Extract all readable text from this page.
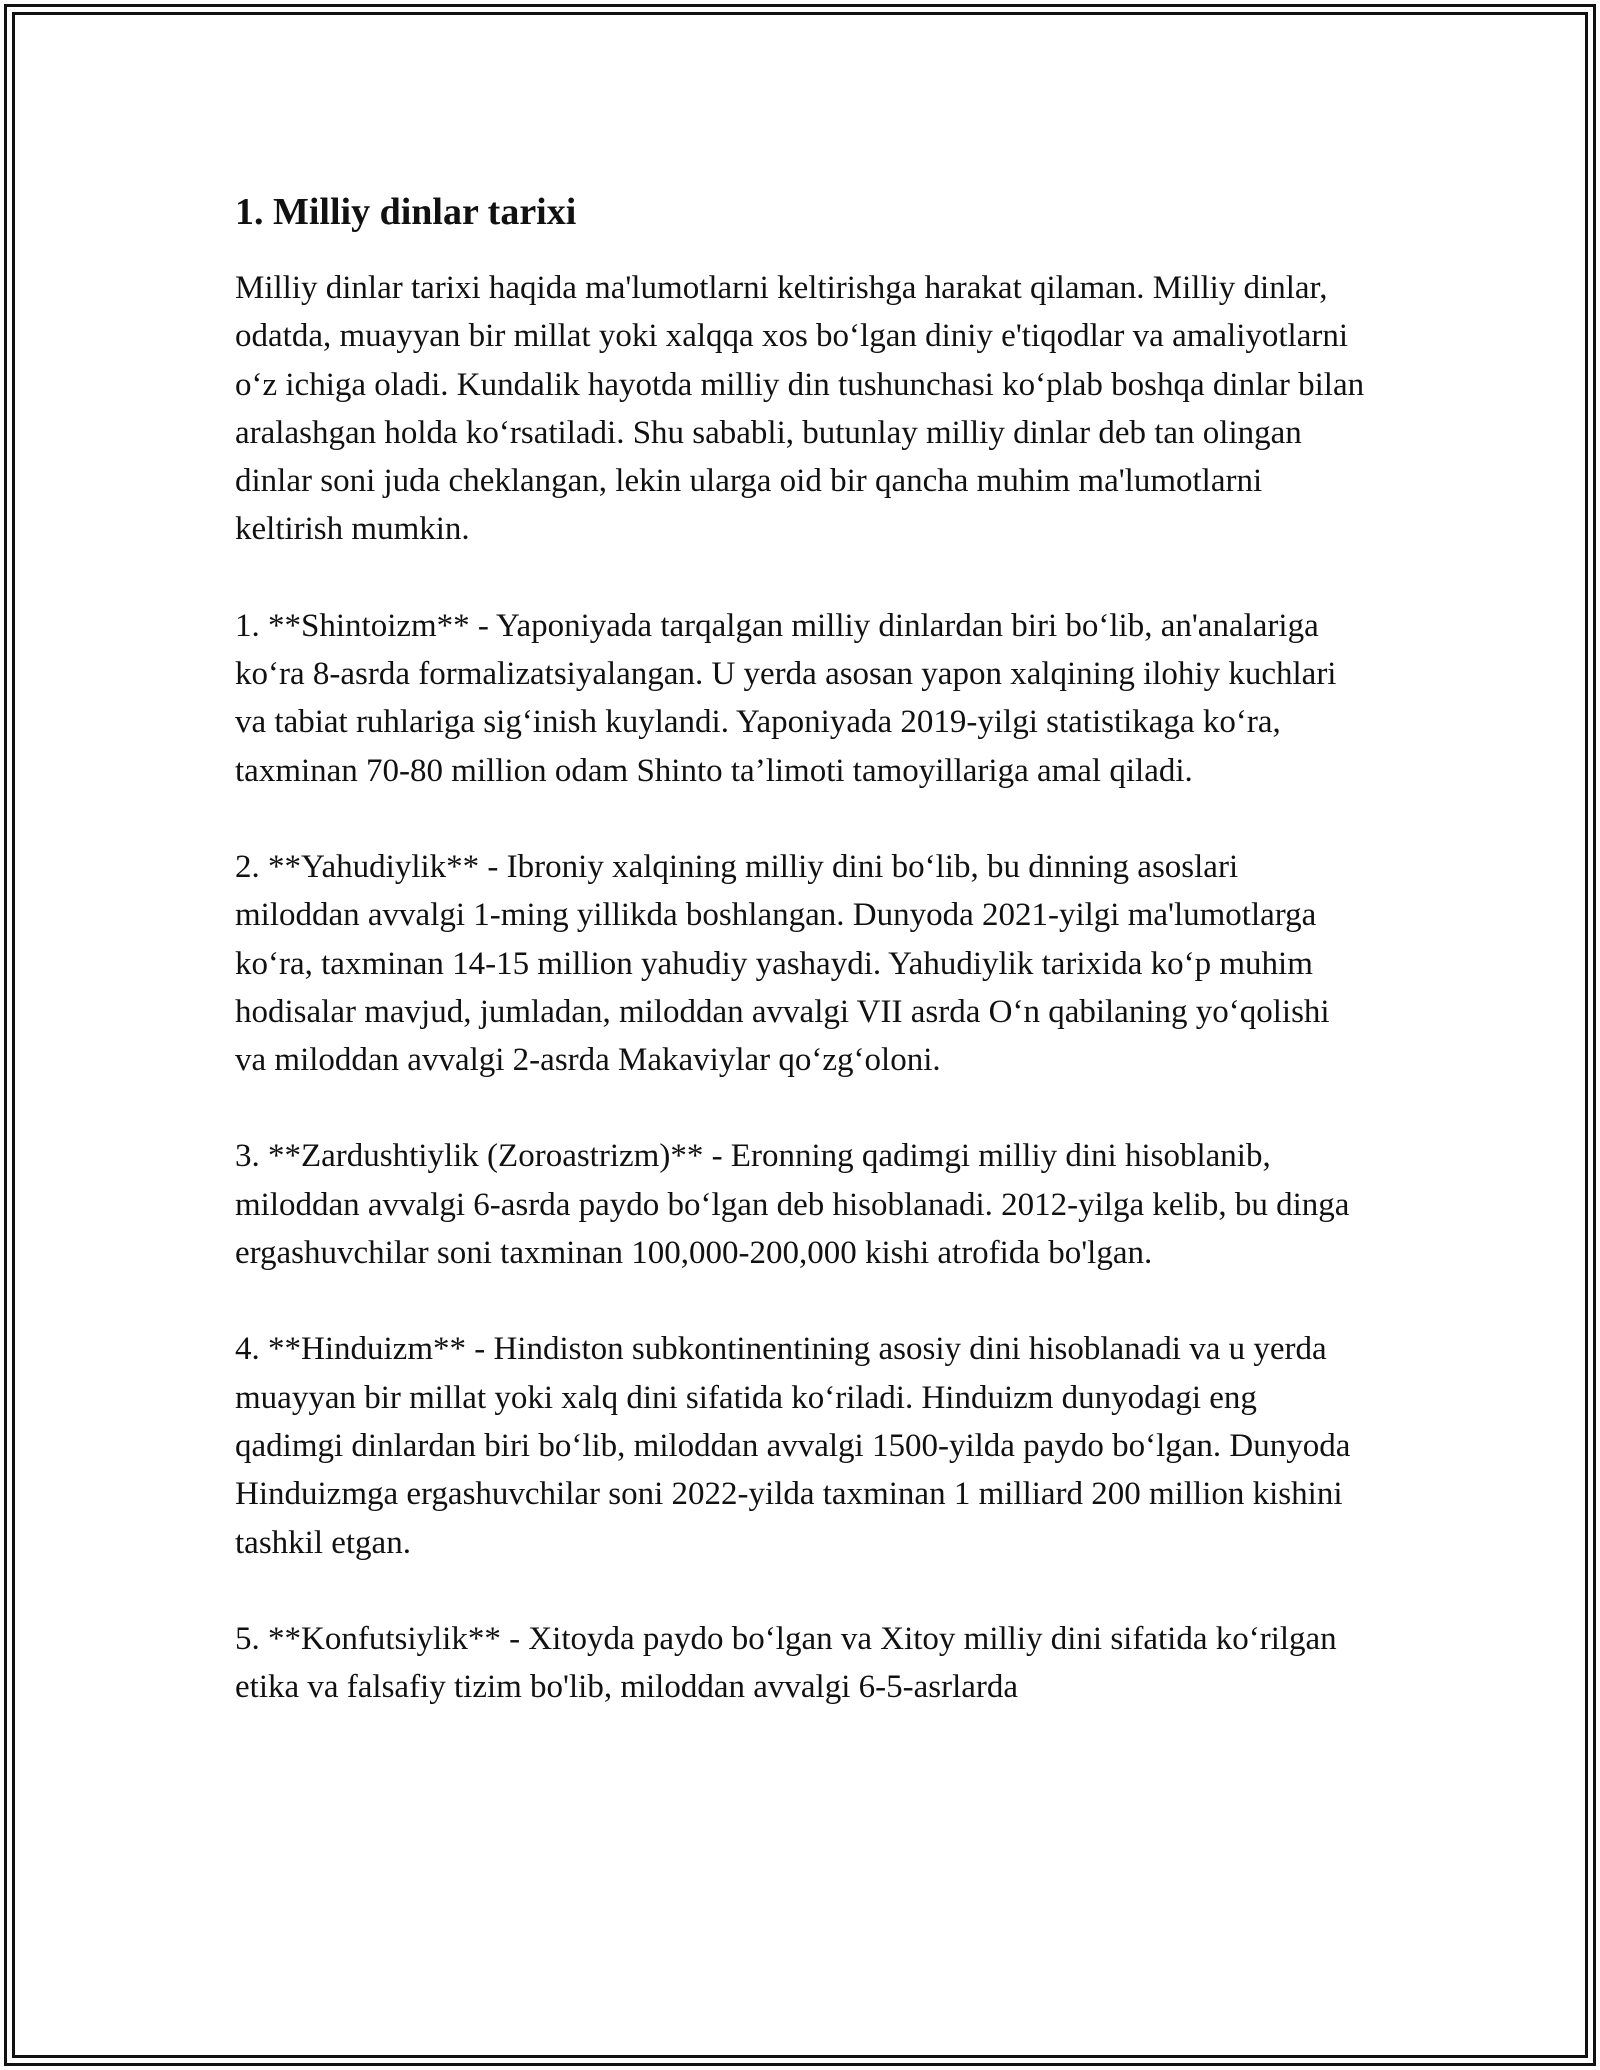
1. Milliy dinlar tarixi

Milliy dinlar tarixi haqida ma'lumotlarni keltirishga harakat qilaman. Milliy dinlar, odatda, muayyan bir millat yoki xalqqa xos boʻlgan diniy e'tiqodlar va amaliyotlarni oʻz ichiga oladi. Kundalik hayotda milliy din tushunchasi koʻplab boshqa dinlar bilan aralashgan holda koʻrsatiladi. Shu sababli, butunlay milliy dinlar deb tan olingan dinlar soni juda cheklangan, lekin ularga oid bir qancha muhim ma'lumotlarni keltirish mumkin.

1. **Shintoizm** - Yaponiyada tarqalgan milliy dinlardan biri boʻlib, an'analariga koʻra 8-asrda formalizatsiyalangan. U yerda asosan yapon xalqining ilohiy kuchlari va tabiat ruhlariga sigʻinish kuylandi. Yaponiyada 2019-yilgi statistikaga koʻra, taxminan 70-80 million odam Shinto ta’limoti tamoyillariga amal qiladi.

2. **Yahudiylik** - Ibroniy xalqining milliy dini boʻlib, bu dinning asoslari miloddan avvalgi 1-ming yillikda boshlangan. Dunyoda 2021-yilgi ma'lumotlarga koʻra, taxminan 14-15 million yahudiy yashaydi. Yahudiylik tarixida koʻp muhim hodisalar mavjud, jumladan, miloddan avvalgi VII asrda Oʻn qabilaning yoʻqolishi va miloddan avvalgi 2-asrda Makaviylar qoʻzgʻoloni.

3. **Zardushtiylik (Zoroastrizm)** - Eronning qadimgi milliy dini hisoblanib, miloddan avvalgi 6-asrda paydo boʻlgan deb hisoblanadi. 2012-yilga kelib, bu dinga ergashuvchilar soni taxminan 100,000-200,000 kishi atrofida bo'lgan.

4. **Hinduizm** - Hindiston subkontinentining asosiy dini hisoblanadi va u yerda muayyan bir millat yoki xalq dini sifatida koʻriladi. Hinduizm dunyodagi eng qadimgi dinlardan biri boʻlib, miloddan avvalgi 1500-yilda paydo boʻlgan. Dunyoda Hinduizmga ergashuvchilar soni 2022-yilda taxminan 1 milliard 200 million kishini tashkil etgan.

5. **Konfutsiylik** - Xitoyda paydo boʻlgan va Xitoy milliy dini sifatida koʻrilgan etika va falsafiy tizim bo'lib, miloddan avvalgi 6-5-asrlarda
